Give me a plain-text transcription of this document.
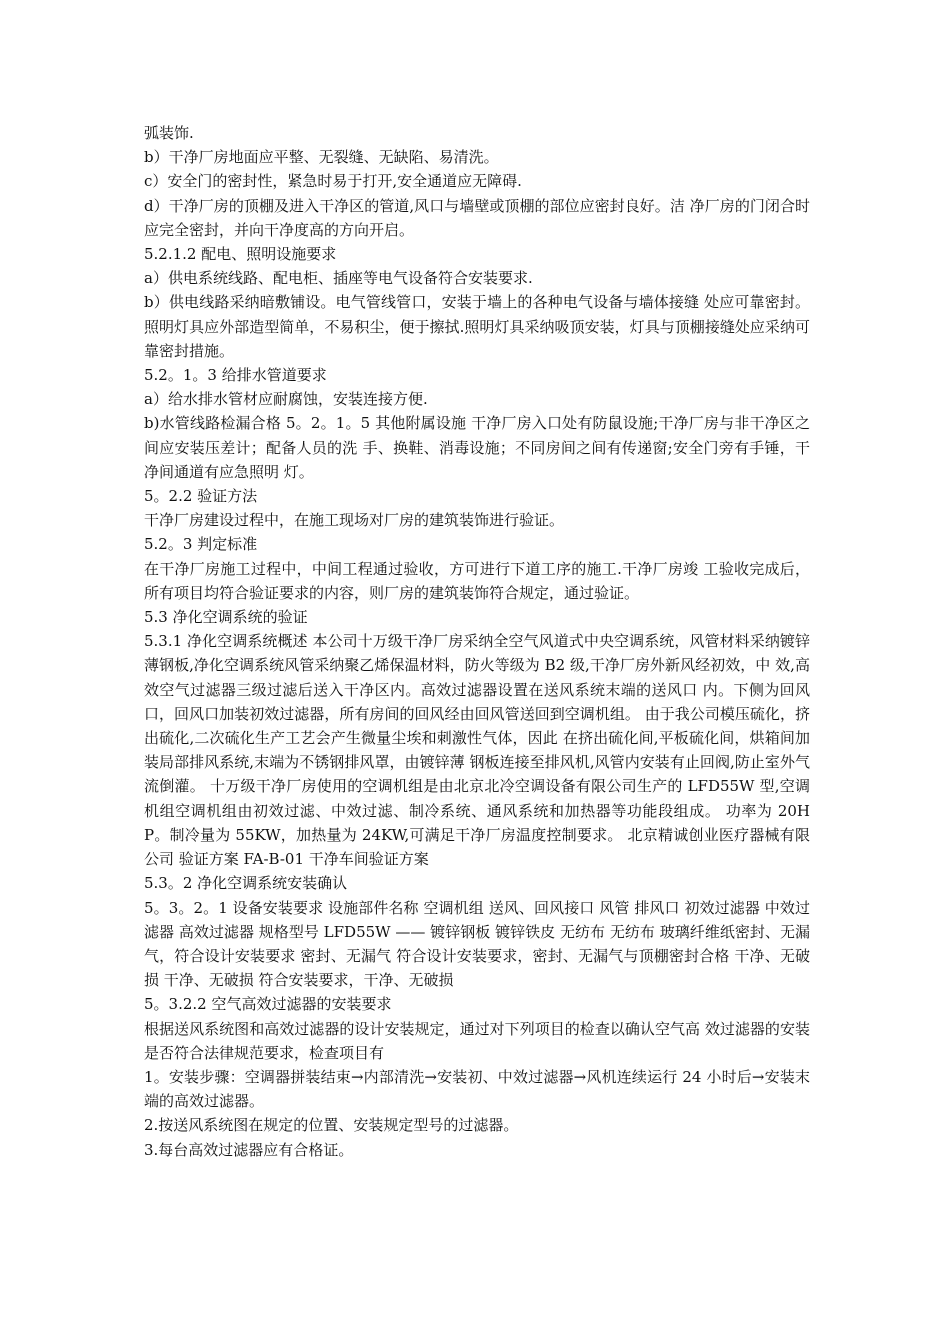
弧装饰.

b）干净厂房地面应平整、无裂缝、无缺陷、易清洗。

c）安全门的密封性，紧急时易于打开,安全通道应无障碍.

d）干净厂房的顶棚及进入干净区的管道,风口与墙壁或顶棚的部位应密封良好。洁 净厂房的门闭合时应完全密封，并向干净度高的方向开启。

5.2.1.2 配电、照明设施要求

a）供电系统线路、配电柜、插座等电气设备符合安装要求.

b）供电线路采纳暗敷铺设。电气管线管口，安装于墙上的各种电气设备与墙体接缝 处应可靠密封。照明灯具应外部造型简单，不易积尘，便于擦拭.照明灯具采纳吸顶安装，灯具与顶棚接缝处应采纳可靠密封措施。

5.2。1。3 给排水管道要求

a）给水排水管材应耐腐蚀，安装连接方便.

b)水管线路检漏合格 5。2。1。5 其他附属设施 干净厂房入口处有防鼠设施;干净厂房与非干净区之间应安装压差计；配备人员的洗 手、换鞋、消毒设施；不同房间之间有传递窗;安全门旁有手锤，干净间通道有应急照明 灯。

5。2.2 验证方法

干净厂房建设过程中，在施工现场对厂房的建筑装饰进行验证。

5.2。3 判定标准

在干净厂房施工过程中，中间工程通过验收，方可进行下道工序的施工.干净厂房竣 工验收完成后，所有项目均符合验证要求的内容，则厂房的建筑装饰符合规定，通过验证。

5.3 净化空调系统的验证

5.3.1 净化空调系统概述 本公司十万级干净厂房采纳全空气风道式中央空调系统，风管材料采纳镀锌薄钢板,净化空调系统风管采纳聚乙烯保温材料，防火等级为 B2 级,干净厂房外新风经初效，中 效,高效空气过滤器三级过滤后送入干净区内。高效过滤器设置在送风系统末端的送风口 内。下侧为回风口，回风口加装初效过滤器，所有房间的回风经由回风管送回到空调机组。 由于我公司模压硫化，挤出硫化,二次硫化生产工艺会产生微量尘埃和刺激性气体，因此 在挤出硫化间,平板硫化间，烘箱间加装局部排风系统,末端为不锈钢排风罩，由镀锌薄 钢板连接至排风机,风管内安装有止回阀,防止室外气流倒灌。 十万级干净厂房使用的空调机组是由北京北冷空调设备有限公司生产的 LFD55W 型,空调机组空调机组由初效过滤、中效过滤、制冷系统、通风系统和加热器等功能段组成。 功率为 20HP。制冷量为 55KW，加热量为 24KW,可满足干净厂房温度控制要求。 北京精诚创业医疗器械有限公司 验证方案 FA-B-01 干净车间验证方案

5.3。2 净化空调系统安装确认

5。3。2。1 设备安装要求 设施部件名称 空调机组 送风、回风接口 风管 排风口 初效过滤器 中效过滤器 高效过滤器 规格型号 LFD55W —— 镀锌钢板 镀锌铁皮 无纺布 无纺布 玻璃纤维纸密封、无漏气，符合设计安装要求 密封、无漏气 符合设计安装要求，密封、无漏气与顶棚密封合格 干净、无破损 干净、无破损 符合安装要求，干净、无破损

5。3.2.2 空气高效过滤器的安装要求

根据送风系统图和高效过滤器的设计安装规定，通过对下列项目的检查以确认空气高 效过滤器的安装是否符合法律规范要求，检查项目有

1。安装步骤：空调器拼装结束→内部清洗→安装初、中效过滤器→风机连续运行 24 小时后→安装末端的高效过滤器。

2.按送风系统图在规定的位置、安装规定型号的过滤器。

3.每台高效过滤器应有合格证。
